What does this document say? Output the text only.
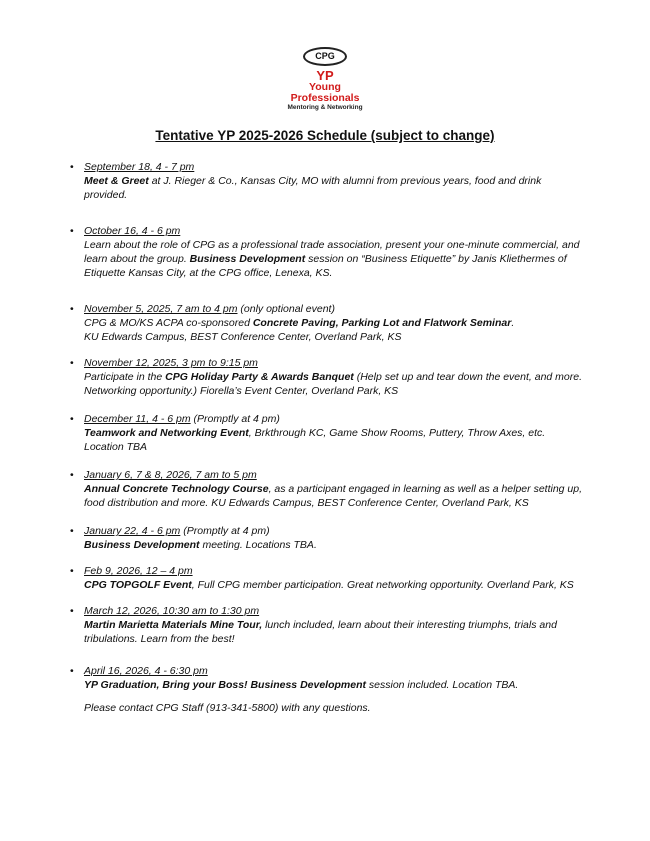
CPG
YP
Young
Professionals
Mentoring & Networking
Tentative YP 2025-2026 Schedule (subject to change)
• September 18, 4 - 7 pm
Meet & Greet at J. Rieger & Co., Kansas City, MO with alumni from previous years, food and drink provided.
• October 16, 4 - 6 pm
Learn about the role of CPG as a professional trade association, present your one-minute commercial, and learn about the group. Business Development session on “Business Etiquette” by Janis Kliethermes of Etiquette Kansas City, at the CPG office, Lenexa, KS.
• November 5, 2025, 7 am to 4 pm (only optional event)
CPG & MO/KS ACPA co-sponsored Concrete Paving, Parking Lot and Flatwork Seminar.
KU Edwards Campus, BEST Conference Center, Overland Park, KS
• November 12, 2025, 3 pm to 9:15 pm
Participate in the CPG Holiday Party & Awards Banquet (Help set up and tear down the event, and more. Networking opportunity.) Fiorella’s Event Center, Overland Park, KS
• December 11, 4 - 6 pm (Promptly at 4 pm)
Teamwork and Networking Event, Brkthrough KC, Game Show Rooms, Puttery, Throw Axes, etc.
Location TBA
• January 6, 7 & 8, 2026, 7 am to 5 pm
Annual Concrete Technology Course, as a participant engaged in learning as well as a helper setting up, food distribution and more. KU Edwards Campus, BEST Conference Center, Overland Park, KS
• January 22, 4 - 6 pm (Promptly at 4 pm)
Business Development meeting. Locations TBA.
• Feb 9, 2026, 12 – 4 pm
CPG TOPGOLF Event, Full CPG member participation. Great networking opportunity. Overland Park, KS
• March 12, 2026, 10:30 am to 1:30 pm
Martin Marietta Materials Mine Tour, lunch included, learn about their interesting triumphs, trials and tribulations. Learn from the best!
• April 16, 2026, 4 - 6:30 pm
YP Graduation, Bring your Boss! Business Development session included. Location TBA.
Please contact CPG Staff (913-341-5800) with any questions.
